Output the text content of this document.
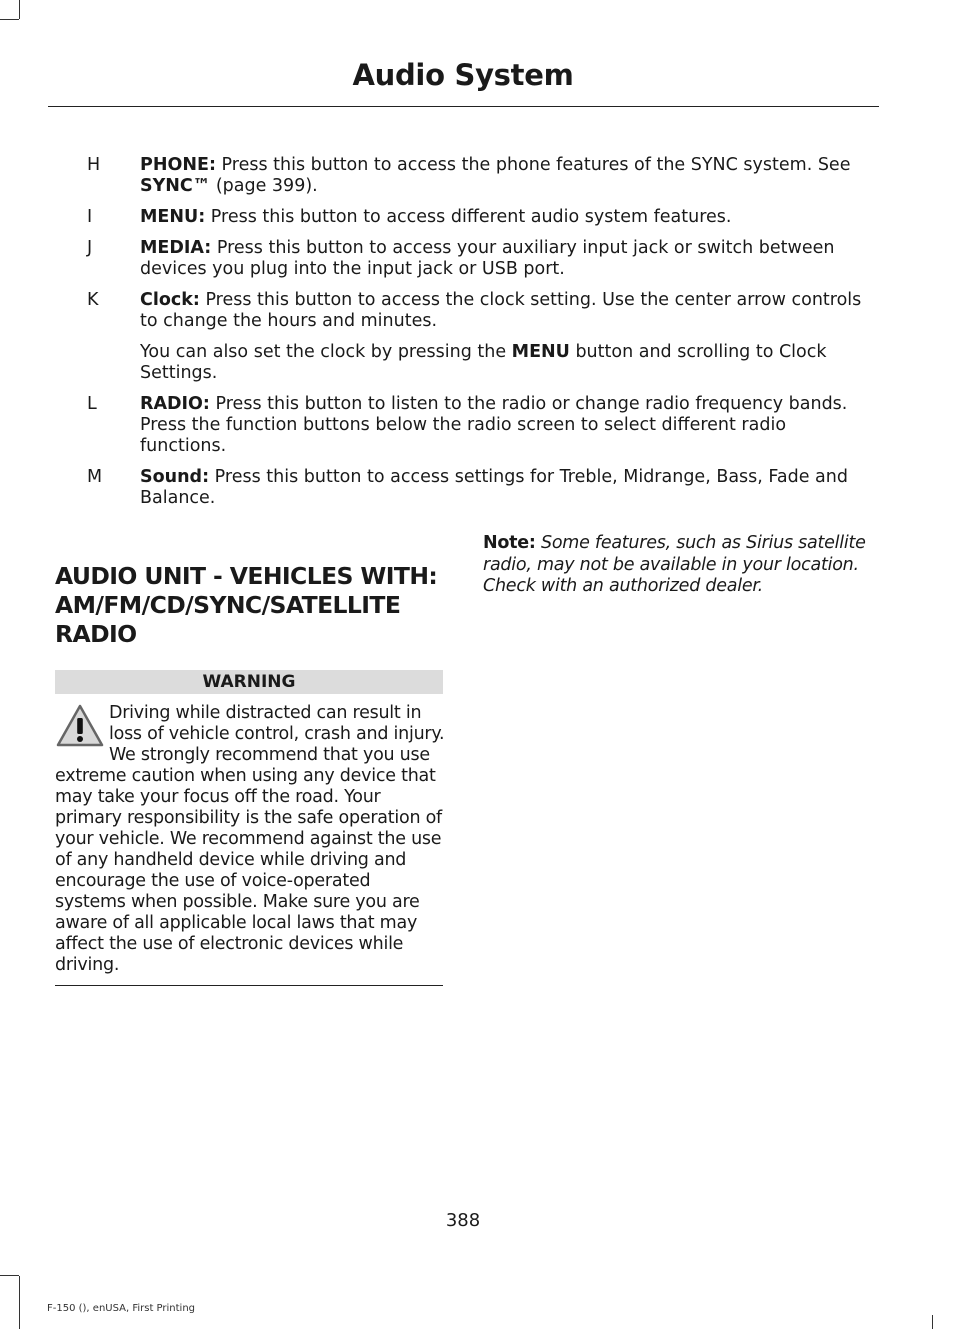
Audio System
H	PHONE: Press this button to access the phone features of the SYNC system. See SYNC™ (page 399).
I	MENU: Press this button to access different audio system features.
J	MEDIA: Press this button to access your auxiliary input jack or switch between devices you plug into the input jack or USB port.
K	Clock: Press this button to access the clock setting. Use the center arrow controls to change the hours and minutes.
You can also set the clock by pressing the MENU button and scrolling to Clock Settings.
L	RADIO: Press this button to listen to the radio or change radio frequency bands. Press the function buttons below the radio screen to select different radio functions.
M	Sound: Press this button to access settings for Treble, Midrange, Bass, Fade and Balance.
AUDIO UNIT - VEHICLES WITH: AM/FM/CD/SYNC/SATELLITE RADIO
WARNING
Driving while distracted can result in loss of vehicle control, crash and injury. We strongly recommend that you use extreme caution when using any device that may take your focus off the road. Your primary responsibility is the safe operation of your vehicle. We recommend against the use of any handheld device while driving and encourage the use of voice-operated systems when possible. Make sure you are aware of all applicable local laws that may affect the use of electronic devices while driving.
Note: Some features, such as Sirius satellite radio, may not be available in your location. Check with an authorized dealer.
388
F-150 (), enUSA, First Printing
